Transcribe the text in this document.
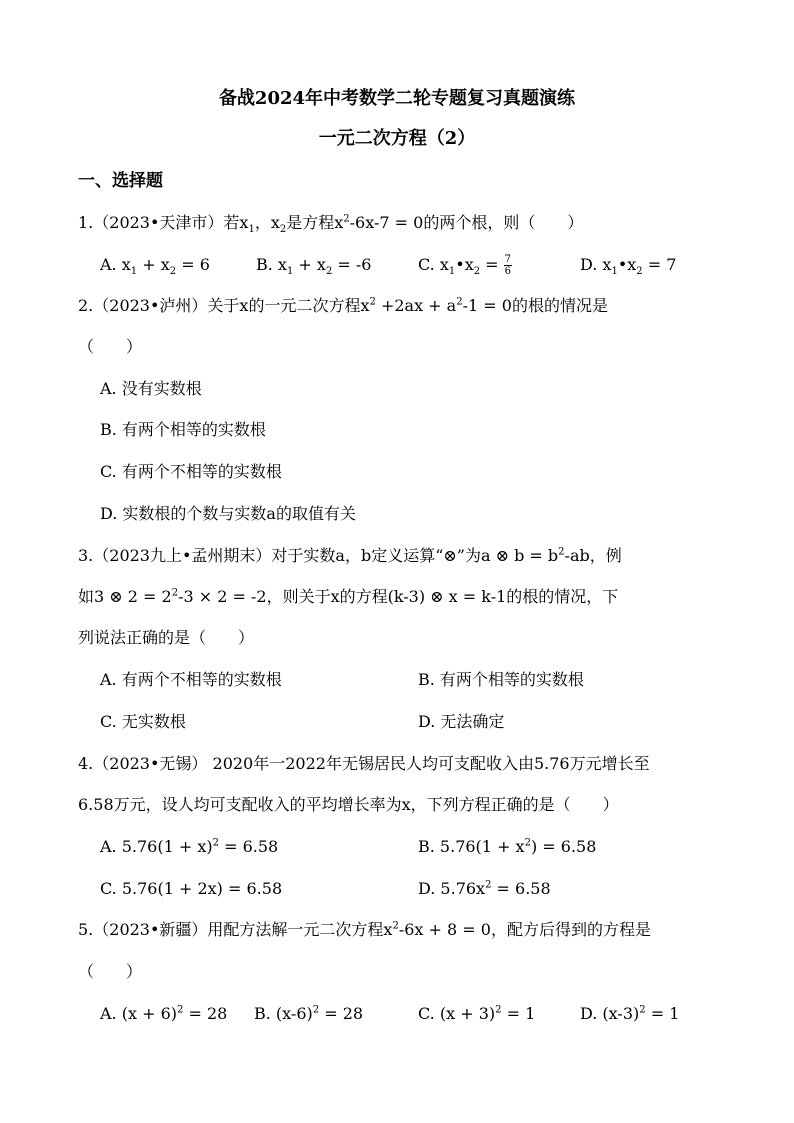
备战2024年中考数学二轮专题复习真题演练
一元二次方程（2）
一、选择题
1.（2023•天津市）若$x_1$，$x_2$是方程$x^2-6x-7 = 0$的两个根，则（　　）
A. $x_1 + x_2 = 6$	B. $x_1 + x_2 = -6$	C. $x_1•x_2 = \frac{7}{6}$	D. $x_1•x_2 = 7$
2.（2023•泸州）关于x的一元二次方程$x^2 +2ax + a^2-1 = 0$的根的情况是
（　　）
A. 没有实数根
B. 有两个相等的实数根
C. 有两个不相等的实数根
D. 实数根的个数与实数a的取值有关
3.（2023九上•孟州期末）对于实数a，b定义运算“⊗”为a ⊗ $b = b^2-ab$，例
如3 ⊗ $2 = 2^2-3 \times 2 = -2$，则关于x的方程(k-3) ⊗ x = k-1的根的情况，下
列说法正确的是（　　）
A. 有两个不相等的实数根	B. 有两个相等的实数根
C. 无实数根	D. 无法确定
4.（2023•无锡） 2020年一2022年无锡居民人均可支配收入由5.76万元增长至
6.58万元，设人均可支配收入的平均增长率为x，下列方程正确的是（　　）
A. $5.76(1 + x)^2 = 6.58$	B. $5.76(1 + x^2) = 6.58$
C. 5.76(1 + 2x) = 6.58	D. $5.76x^2 = 6.58$
5.（2023•新疆）用配方法解一元二次方程$x^2-6x + 8 = 0$，配方后得到的方程是
（　　）
A. $(x + 6)^2 = 28$ B. $(x-6)^2 = 28$	C. $(x + 3)^2 = 1$	D. $(x-3)^2 = 1$
